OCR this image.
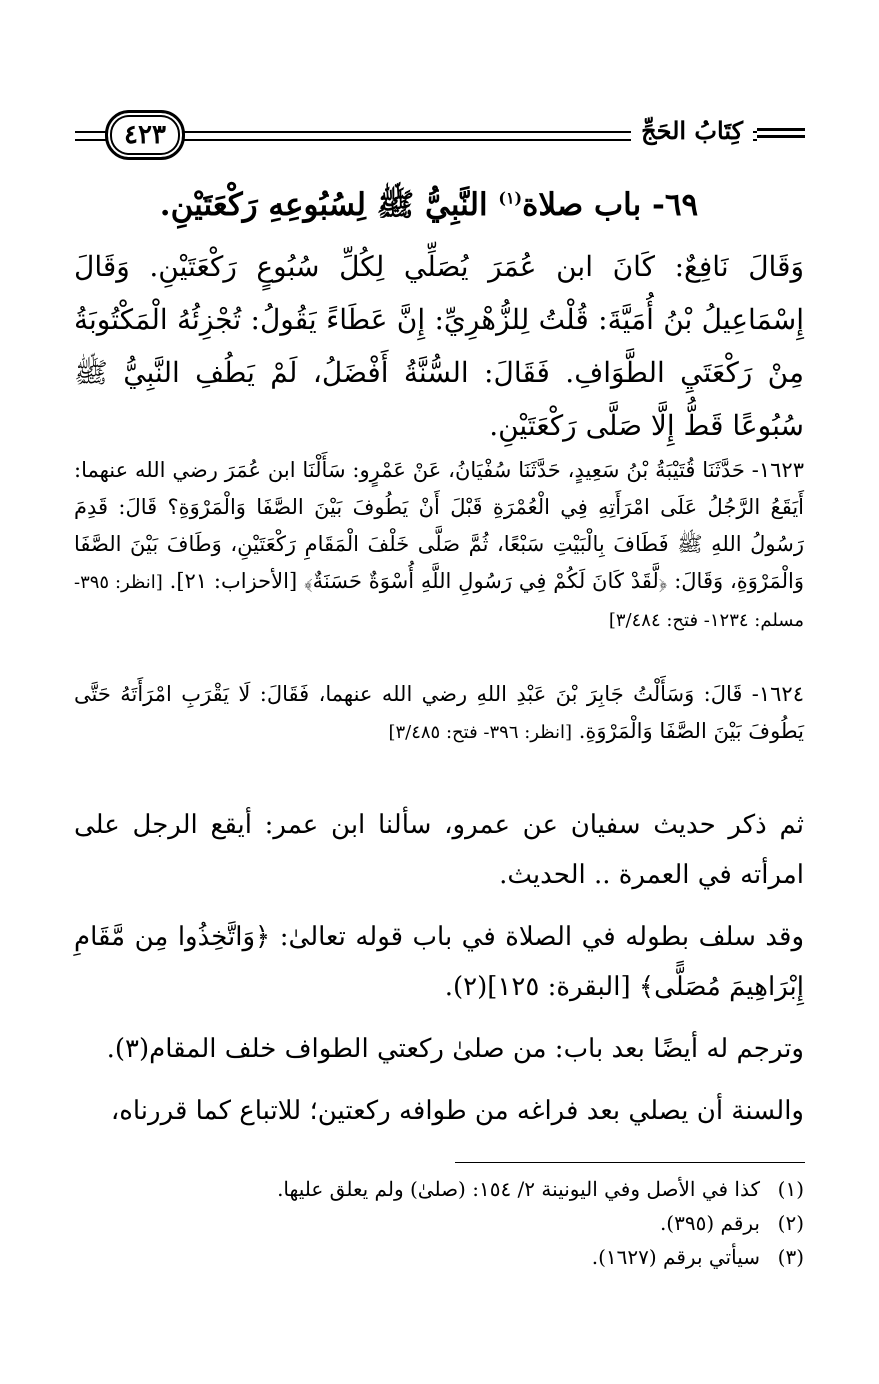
كِتَابُ الحَجِّ
٤٢٣
٦٩- باب صلاة$^{(١)}$ النَّبِيُّ ﷺ لِسُبُوعِهِ رَكْعَتَيْنِ.

وَقَالَ نَافِعٌ: كَانَ ابن عُمَرَ يُصَلِّي لِكُلِّ سُبُوعٍ رَكْعَتَيْنِ. وَقَالَ إِسْمَاعِيلُ بْنُ أُمَيَّةَ: قُلْتُ لِلزُّهْرِيِّ: إِنَّ عَطَاءً يَقُولُ: تُجْزِئُهُ الْمَكْتُوبَةُ مِنْ رَكْعَتَيِ الطَّوَافِ. فَقَالَ: السُّنَّةُ أَفْضَلُ، لَمْ يَطُفِ النَّبِيُّ ﷺ سُبُوعًا قَطُّ إِلَّا صَلَّى رَكْعَتَيْنِ.

١٦٢٣- حَدَّثَنَا قُتَيْبَةُ بْنُ سَعِيدٍ، حَدَّثَنَا سُفْيَانُ، عَنْ عَمْرٍو: سَأَلْنَا ابن عُمَرَ رضي الله عنهما: أَيَقَعُ الرَّجُلُ عَلَى امْرَأَتِهِ فِي الْعُمْرَةِ قَبْلَ أَنْ يَطُوفَ بَيْنَ الصَّفَا وَالْمَرْوَةِ؟ قَالَ: قَدِمَ رَسُولُ اللهِ ﷺ فَطَافَ بِالْبَيْتِ سَبْعًا، ثُمَّ صَلَّى خَلْفَ الْمَقَامِ رَكْعَتَيْنِ، وَطَافَ بَيْنَ الصَّفَا وَالْمَرْوَةِ، وَقَالَ: ﴿لَّقَدْ كَانَ لَكُمْ فِي رَسُولِ اللَّهِ أُسْوَةٌ حَسَنَةٌ﴾ [الأحزاب: ٢١]. [انظر: ٣٩٥- مسلم: ١٢٣٤- فتح: ٣/٤٨٤]

١٦٢٤- قَالَ: وَسَأَلْتُ جَابِرَ بْنَ عَبْدِ اللهِ رضي الله عنهما، فَقَالَ: لَا يَقْرَبِ امْرَأَتَهُ حَتَّى يَطُوفَ بَيْنَ الصَّفَا وَالْمَرْوَةِ. [انظر: ٣٩٦- فتح: ٣/٤٨٥]

ثم ذكر حديث سفيان عن عمرو، سألنا ابن عمر: أيقع الرجل على امرأته في العمرة .. الحديث.

وقد سلف بطوله في الصلاة في باب قوله تعالىٰ: ﴿وَاتَّخِذُوا مِن مَّقَامِ إِبْرَاهِيمَ مُصَلًّى﴾ [البقرة: ١٢٥](٢).

وترجم له أيضًا بعد باب: من صلىٰ ركعتي الطواف خلف المقام(٣).

والسنة أن يصلي بعد فراغه من طوافه ركعتين؛ للاتباع كما قررناه،

(١)
كذا في الأصل وفي اليونينة ٢/ ١٥٤: (صلىٰ) ولم يعلق عليها.
(٢)
برقم (٣٩٥).
(٣)
سيأتي برقم (١٦٢٧).
